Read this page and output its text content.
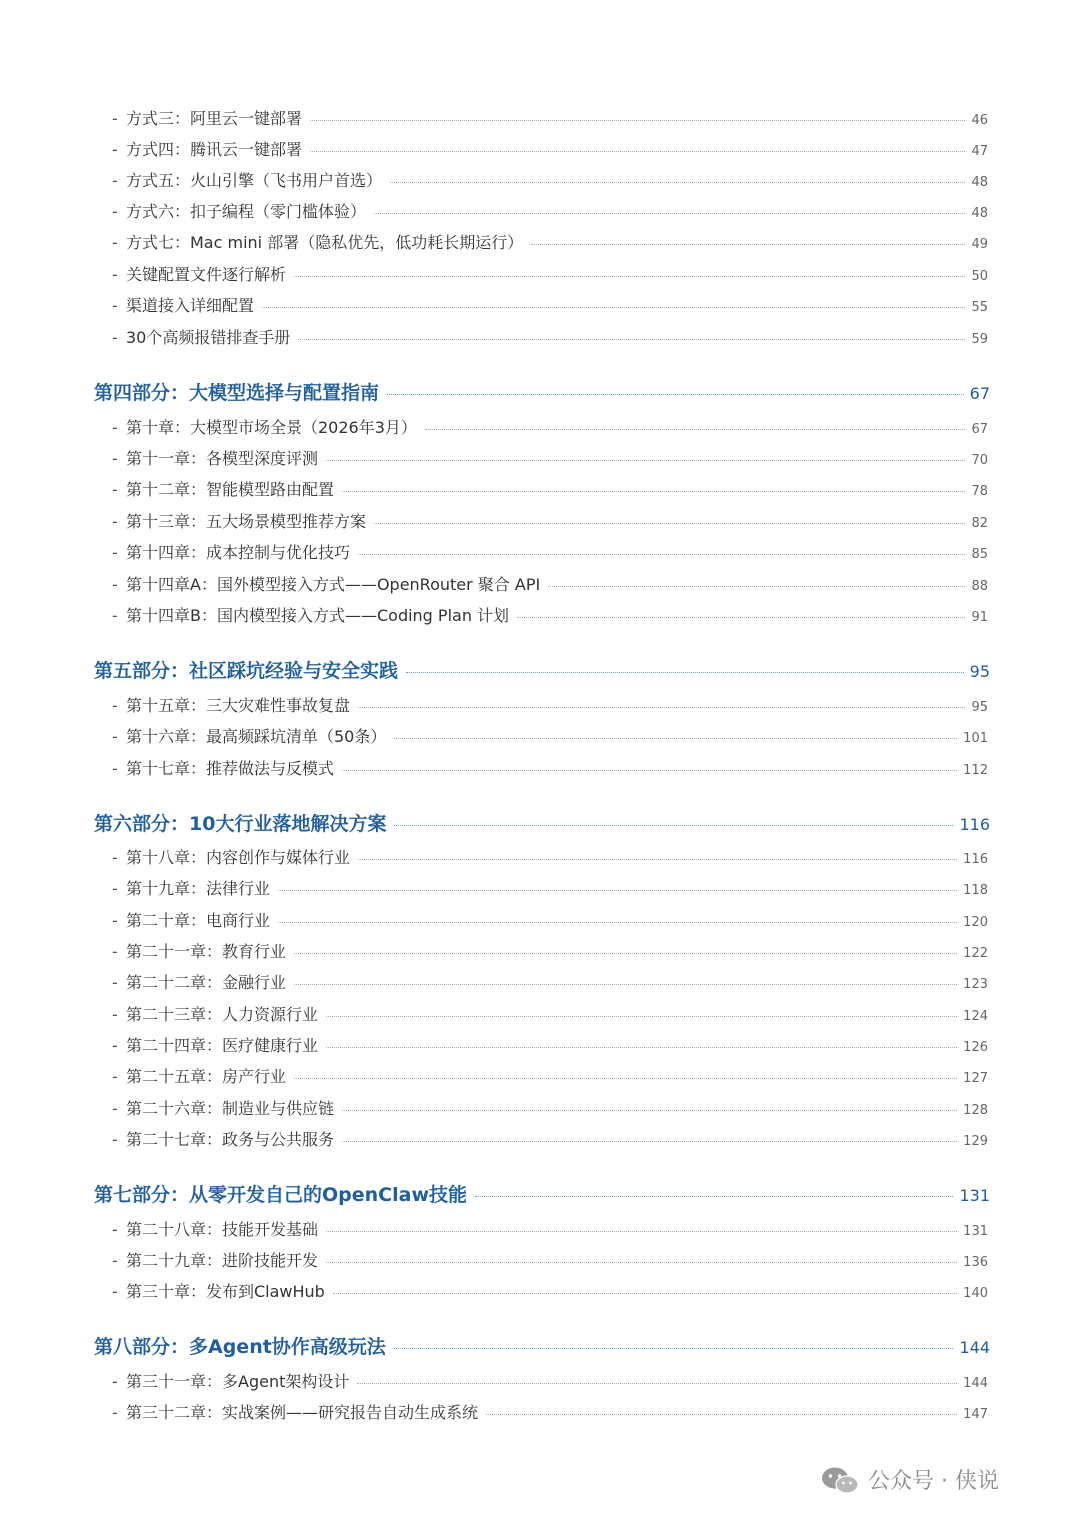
- 方式三：阿里云一键部署	46
- 方式四：腾讯云一键部署	47
- 方式五：火山引擎（飞书用户首选）	48
- 方式六：扣子编程（零门槛体验）	48
- 方式七：Mac mini 部署（隐私优先，低功耗长期运行）	49
- 关键配置文件逐行解析	50
- 渠道接入详细配置	55
- 30个高频报错排查手册	59
第四部分：大模型选择与配置指南	67
- 第十章：大模型市场全景（2026年3月）	67
- 第十一章：各模型深度评测	70
- 第十二章：智能模型路由配置	78
- 第十三章：五大场景模型推荐方案	82
- 第十四章：成本控制与优化技巧	85
- 第十四章A：国外模型接入方式——OpenRouter 聚合 API	88
- 第十四章B：国内模型接入方式——Coding Plan 计划	91
第五部分：社区踩坑经验与安全实践	95
- 第十五章：三大灾难性事故复盘	95
- 第十六章：最高频踩坑清单（50条）	101
- 第十七章：推荐做法与反模式	112
第六部分：10大行业落地解决方案	116
- 第十八章：内容创作与媒体行业	116
- 第十九章：法律行业	118
- 第二十章：电商行业	120
- 第二十一章：教育行业	122
- 第二十二章：金融行业	123
- 第二十三章：人力资源行业	124
- 第二十四章：医疗健康行业	126
- 第二十五章：房产行业	127
- 第二十六章：制造业与供应链	128
- 第二十七章：政务与公共服务	129
第七部分：从零开发自己的OpenClaw技能	131
- 第二十八章：技能开发基础	131
- 第二十九章：进阶技能开发	136
- 第三十章：发布到ClawHub	140
第八部分：多Agent协作高级玩法	144
- 第三十一章：多Agent架构设计	144
- 第三十二章：实战案例——研究报告自动生成系统	147
公众号 · 侠说
